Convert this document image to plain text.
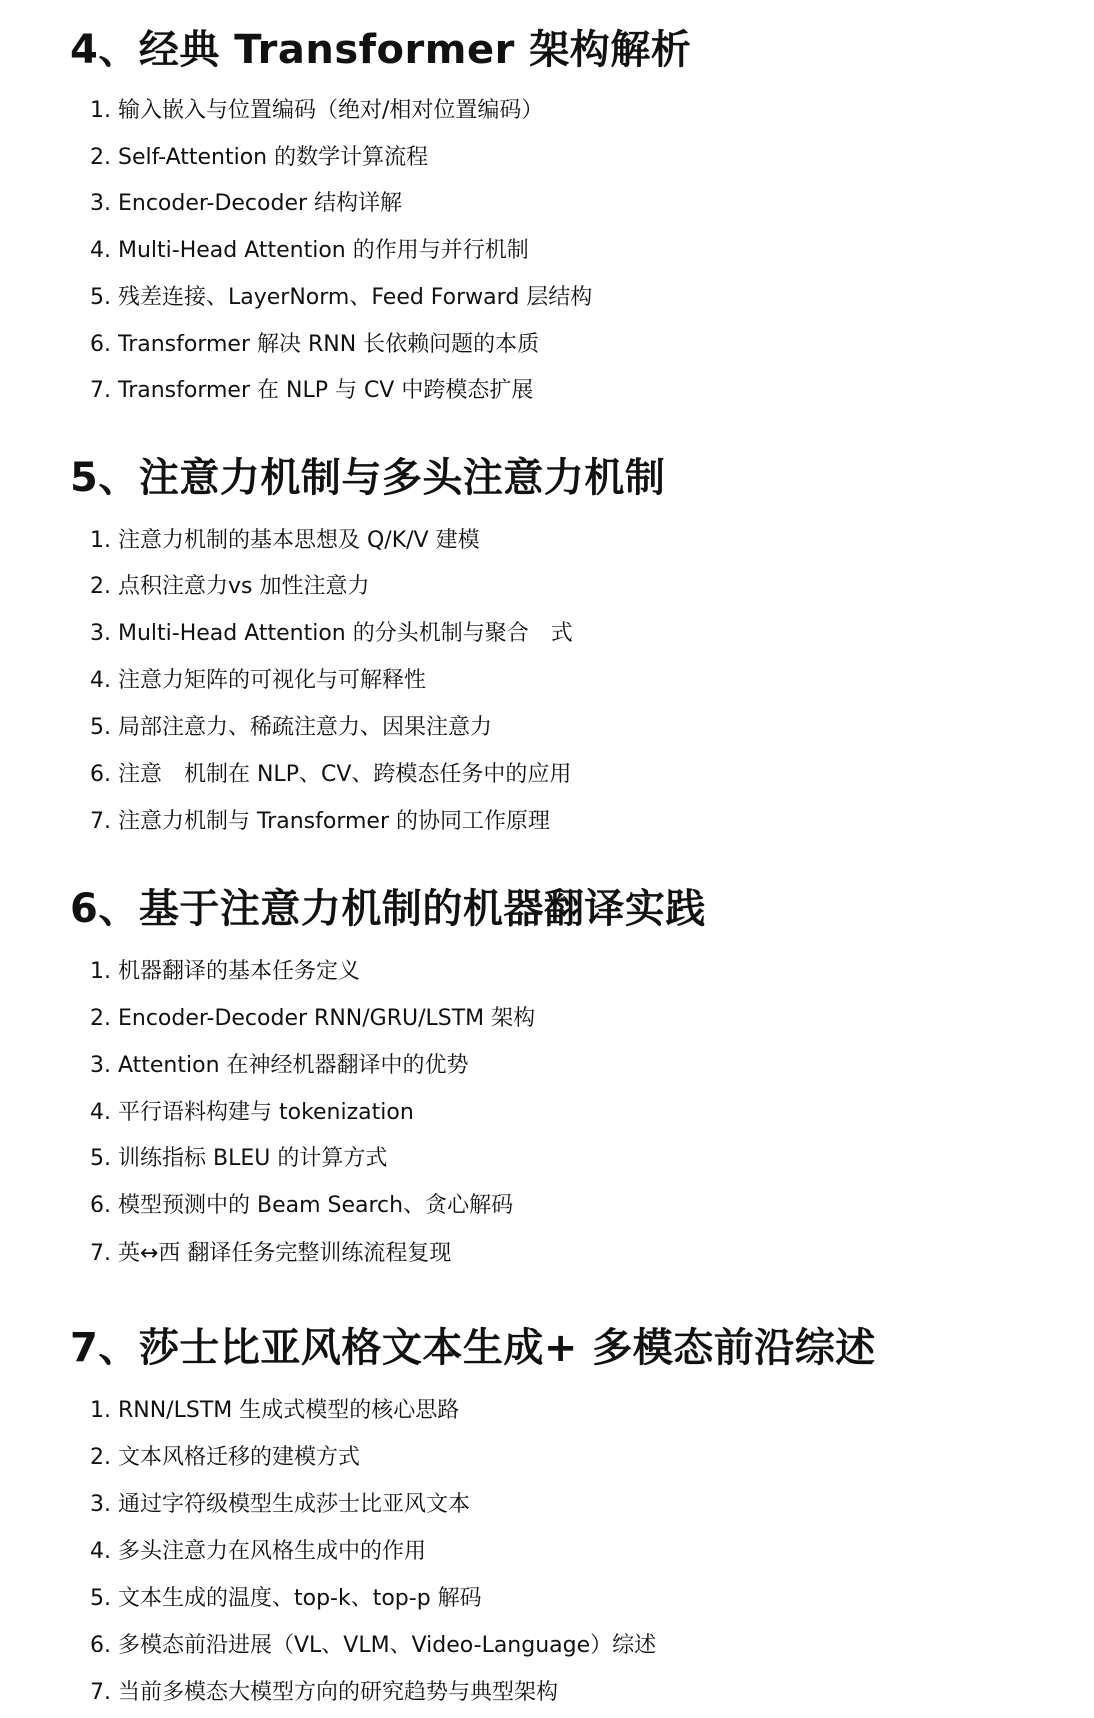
4、经典 Transformer 架构解析

1. 输入嵌入与位置编码（绝对/相对位置编码）

2. Self-Attention 的数学计算流程

3. Encoder-Decoder 结构详解

4. Multi-Head Attention 的作用与并行机制

5. 残差连接、LayerNorm、Feed Forward 层结构

6. Transformer 解决 RNN 长依赖问题的本质

7. Transformer 在 NLP 与 CV 中跨模态扩展

5、注意力机制与多头注意力机制

1. 注意力机制的基本思想及 Q/K/V 建模

2. 点积注意力vs 加性注意力

3. Multi-Head Attention 的分头机制与聚合　式

4. 注意力矩阵的可视化与可解释性

5. 局部注意力、稀疏注意力、因果注意力

6. 注意　机制在 NLP、CV、跨模态任务中的应用

7. 注意力机制与 Transformer 的协同工作原理

6、基于注意力机制的机器翻译实践

1. 机器翻译的基本任务定义

2. Encoder-Decoder RNN/GRU/LSTM 架构

3. Attention 在神经机器翻译中的优势

4. 平行语料构建与 tokenization

5. 训练指标 BLEU 的计算方式

6. 模型预测中的 Beam Search、贪心解码

7. 英↔西 翻译任务完整训练流程复现

7、莎士比亚风格文本生成+ 多模态前沿综述

1. RNN/LSTM 生成式模型的核心思路

2. 文本风格迁移的建模方式

3. 通过字符级模型生成莎士比亚风文本

4. 多头注意力在风格生成中的作用

5. 文本生成的温度、top-k、top-p 解码

6. 多模态前沿进展（VL、VLM、Video-Language）综述

7. 当前多模态大模型方向的研究趋势与典型架构
